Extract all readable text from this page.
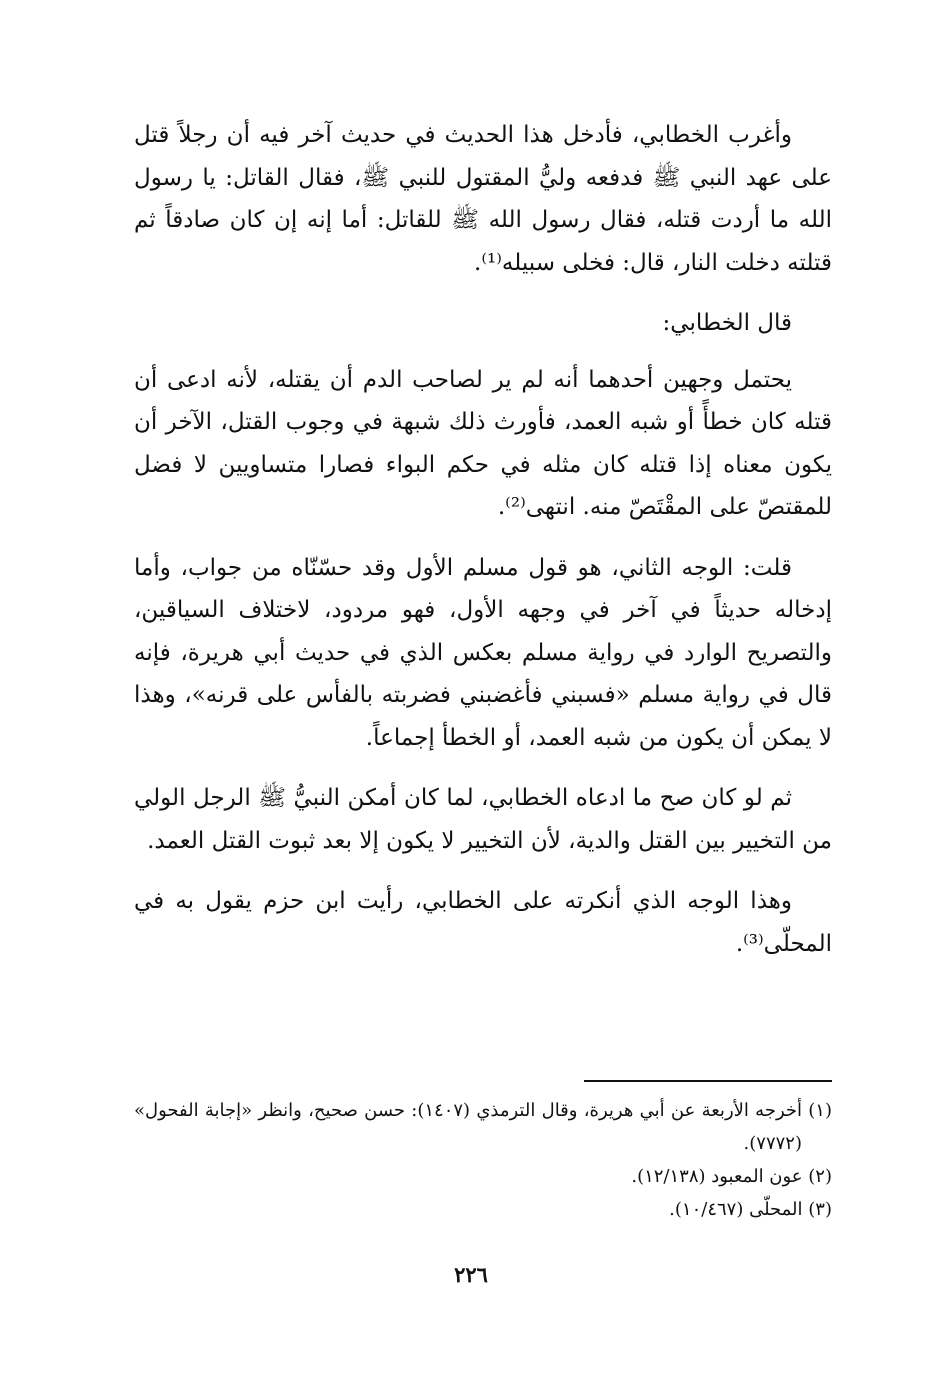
وأغرب الخطابي، فأدخل هذا الحديث في حديث آخر فيه أن رجلاً قتل على عهد النبي ﷺ فدفعه وليُّ المقتول للنبي ﷺ، فقال القاتل: يا رسول الله ما أردت قتله، فقال رسول الله ﷺ للقاتل: أما إنه إن كان صادقاً ثم قتلته دخلت النار، قال: فخلى سبيله⁽¹⁾.

قال الخطابي:

يحتمل وجهين أحدهما أنه لم ير لصاحب الدم أن يقتله، لأنه ادعى أن قتله كان خطأً أو شبه العمد، فأورث ذلك شبهة في وجوب القتل، الآخر أن يكون معناه إذا قتله كان مثله في حكم البواء فصارا متساويين لا فضل للمقتصّ على المقْتَصّ منه. انتهى⁽²⁾.

قلت: الوجه الثاني، هو قول مسلم الأول وقد حسّنّاه من جواب، وأما إدخاله حديثاً في آخر في وجهه الأول، فهو مردود، لاختلاف السياقين، والتصريح الوارد في رواية مسلم بعكس الذي في حديث أبي هريرة، فإنه قال في رواية مسلم «فسبني فأغضبني فضربته بالفأس على قرنه»، وهذا لا يمكن أن يكون من شبه العمد، أو الخطأ إجماعاً.

ثم لو كان صح ما ادعاه الخطابي، لما كان أمكن النبيُّ ﷺ الرجل الولي من التخيير بين القتل والدية، لأن التخيير لا يكون إلا بعد ثبوت القتل العمد.

وهذا الوجه الذي أنكرته على الخطابي، رأيت ابن حزم يقول به في المحلّى⁽³⁾.

(١) أخرجه الأربعة عن أبي هريرة، وقال الترمذي (١٤٠٧): حسن صحيح، وانظر «إجابة الفحول» (٧٧٧٢).

(٢) عون المعبود (١٢/١٣٨).

(٣) المحلّى (١٠/٤٦٧).

٢٢٦
